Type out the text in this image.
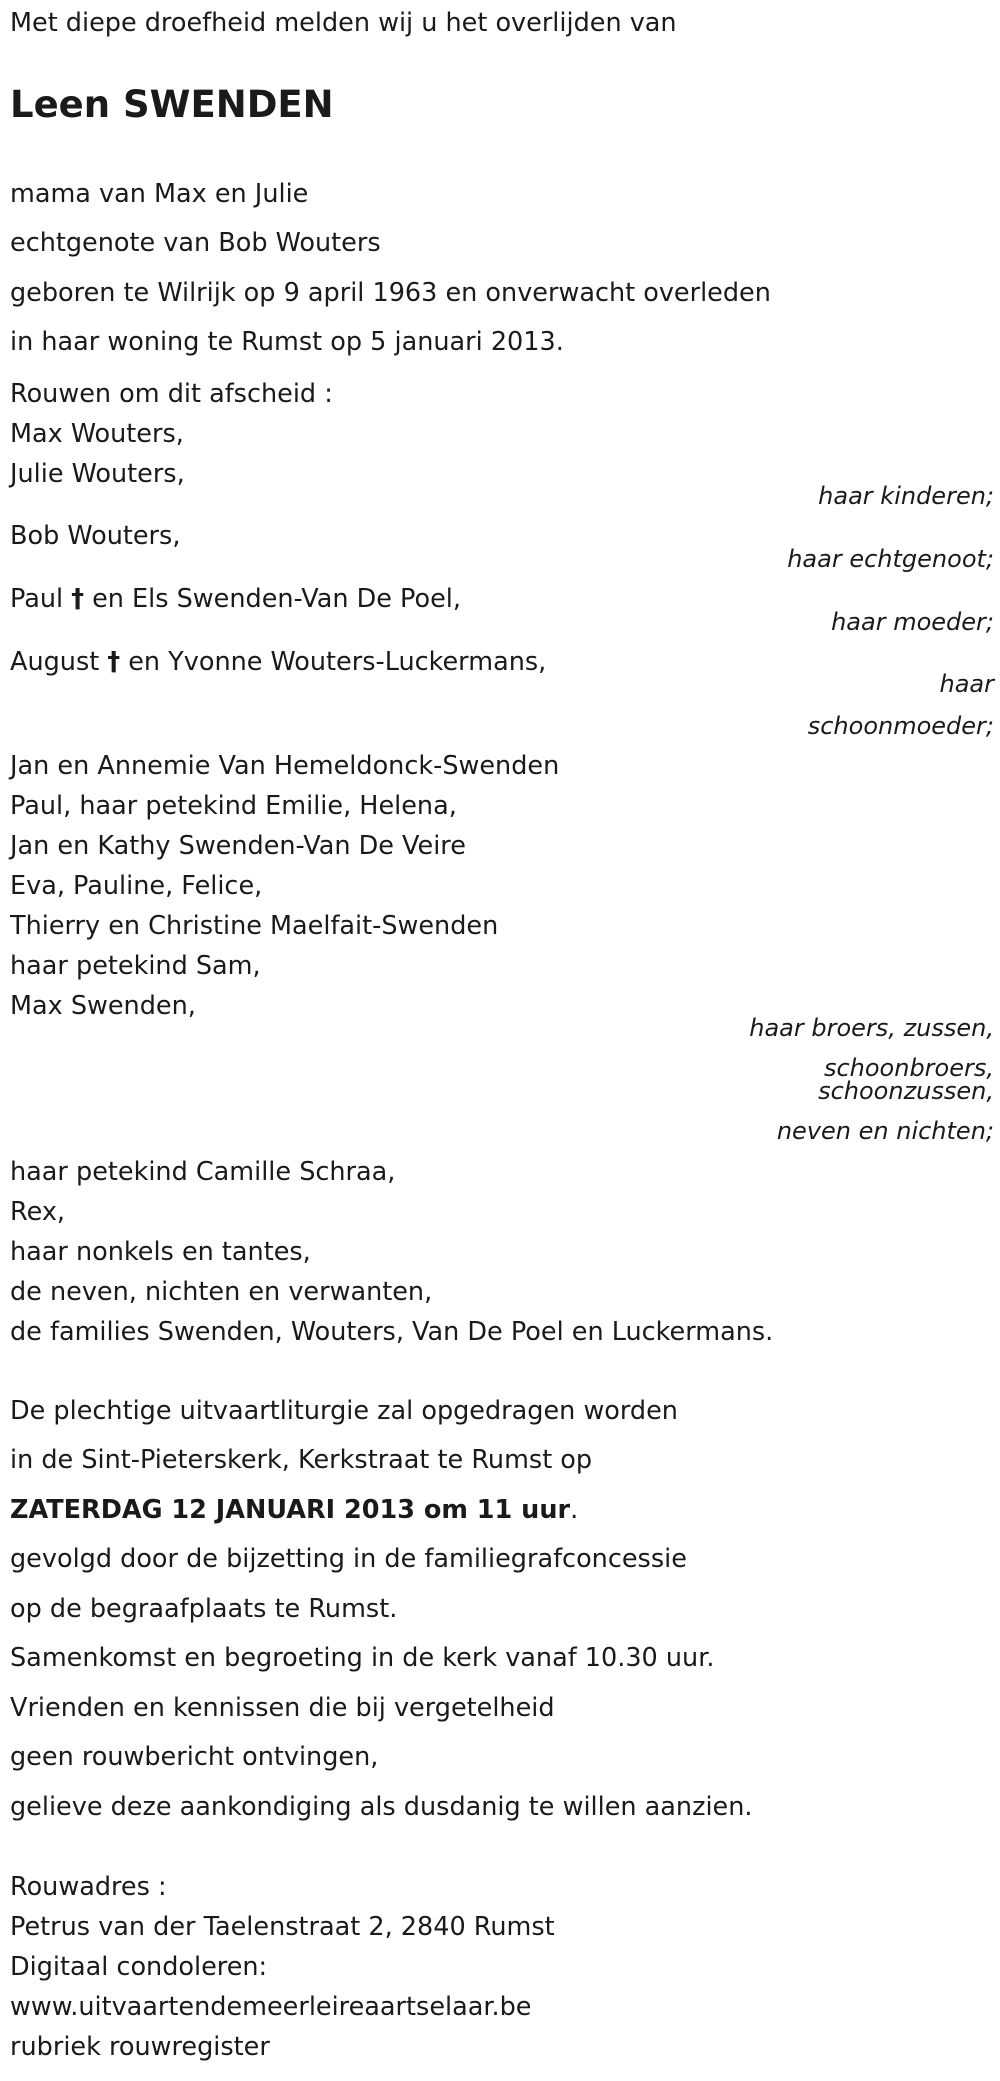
Met diepe droefheid melden wij u het overlijden van
Leen SWENDEN
mama van Max en Julie
echtgenote van Bob Wouters
geboren te Wilrijk op 9 april 1963 en onverwacht overleden
in haar woning te Rumst op 5 januari 2013.
Rouwen om dit afscheid :
Max Wouters,
Julie Wouters,
haar kinderen;
Bob Wouters,
haar echtgenoot;
Paul † en Els Swenden-Van De Poel,
haar moeder;
August † en Yvonne Wouters-Luckermans,
haar
schoonmoeder;
Jan en Annemie Van Hemeldonck-Swenden
Paul, haar petekind Emilie, Helena,
Jan en Kathy Swenden-Van De Veire
Eva, Pauline, Felice,
Thierry en Christine Maelfait-Swenden
haar petekind Sam,
Max Swenden,
haar broers, zussen,
schoonbroers,
schoonzussen,
neven en nichten;
haar petekind Camille Schraa,
Rex,
haar nonkels en tantes,
de neven, nichten en verwanten,
de families Swenden, Wouters, Van De Poel en Luckermans.
De plechtige uitvaartliturgie zal opgedragen worden
in de Sint-Pieterskerk, Kerkstraat te Rumst op
ZATERDAG 12 JANUARI 2013 om 11 uur.
gevolgd door de bijzetting in de familiegrafconcessie
op de begraafplaats te Rumst.
Samenkomst en begroeting in de kerk vanaf 10.30 uur.
Vrienden en kennissen die bij vergetelheid
geen rouwbericht ontvingen,
gelieve deze aankondiging als dusdanig te willen aanzien.
Rouwadres :
Petrus van der Taelenstraat 2, 2840 Rumst
Digitaal condoleren:
www.uitvaartendemeerleireaartselaar.be
rubriek rouwregister
